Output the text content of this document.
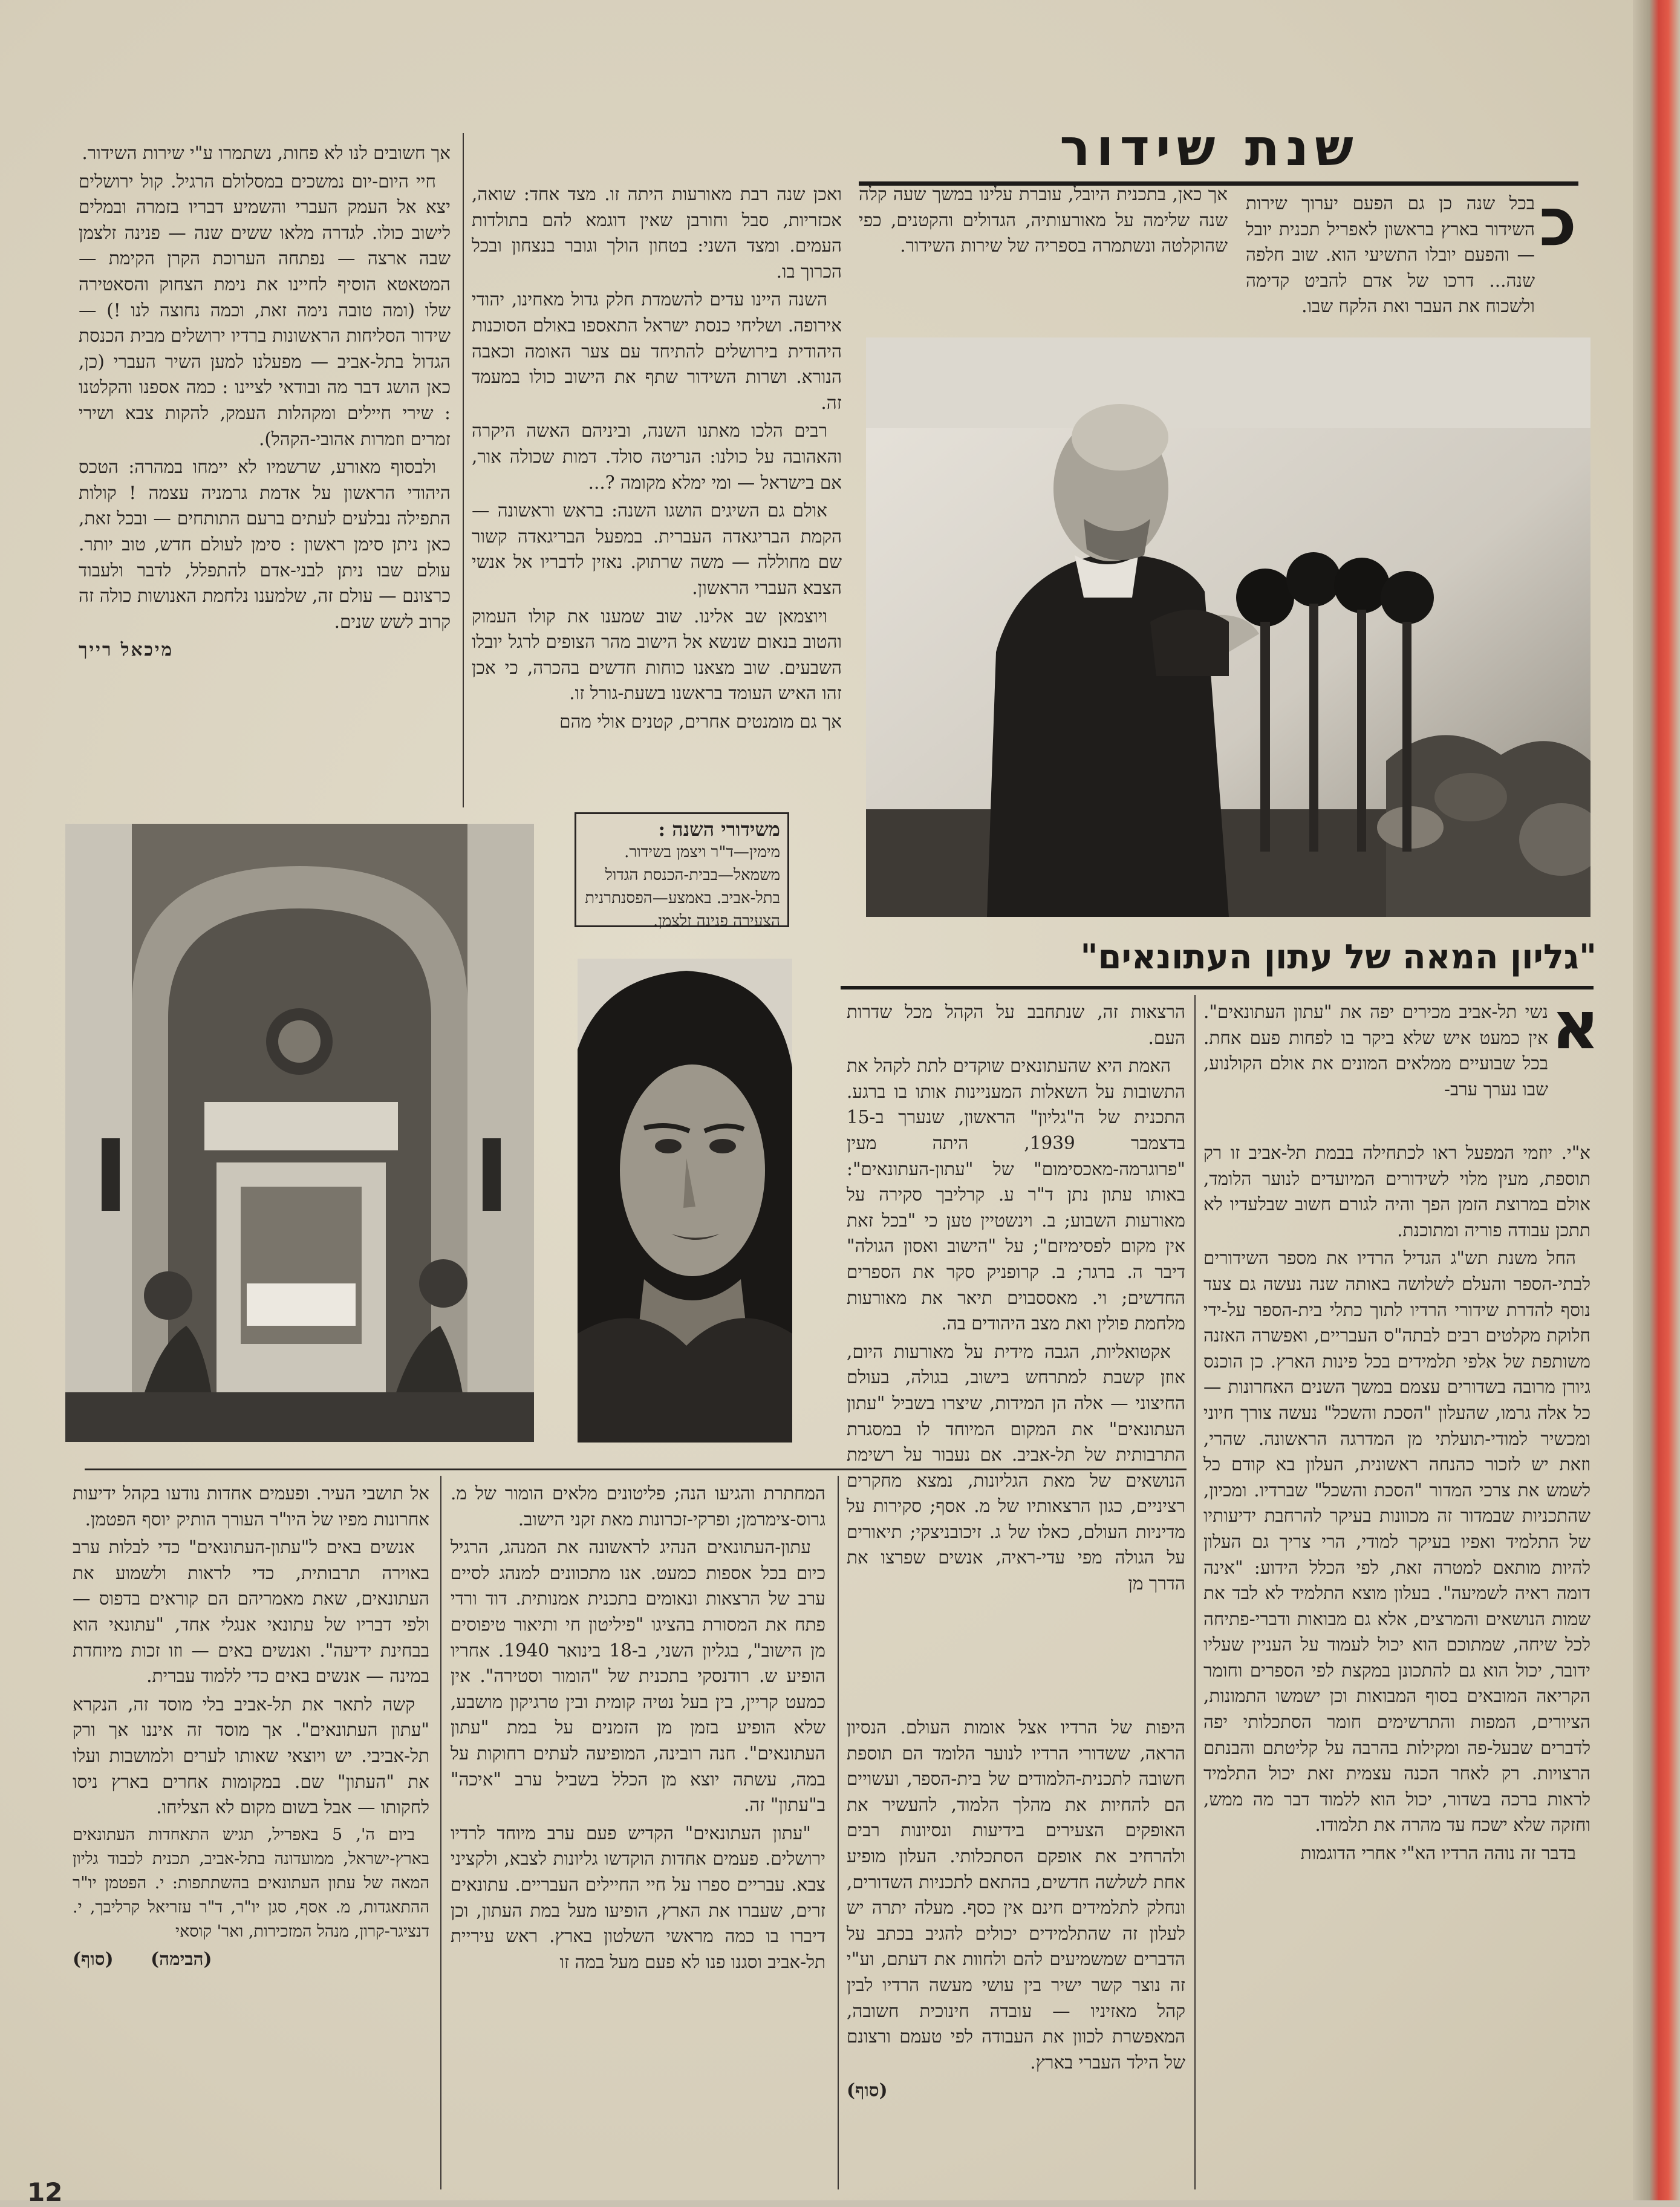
שנת שידור
כ

בכל שנה כן גם הפעם יערוך שירות השידור בארץ בראשון לאפריל תכנית יובל — והפעם יובלו התשיעי הוא. שוב חלפה שנה... דרכו של אדם להביט קדימה ולשכוח את העבר ואת הלקח שבו.

אך כאן, בתכנית היובל, עוברת עלינו במשך שעה קלה שנה שלימה על מאורעותיה, הגדולים והקטנים, כפי שהוקלטה ונשתמרה בספריה של שירות השידור.

ואכן שנה רבת מאורעות היתה זו. מצד אחד: שואה, אכזריות, סבל וחורבן שאין דוגמא להם בתולדות העמים. ומצד השני: בטחון הולך וגובר בנצחון ובכל הכרוך בו.

השנה היינו עדים להשמדת חלק גדול מאחינו, יהודי אירופה. ושליחי כנסת ישראל התאספו באולם הסוכנות היהודית בירושלים להתיחד עם צער האומה וכאבה הנורא. ושרות השידור שתף את הישוב כולו במעמד זה.

רבים הלכו מאתנו השנה, וביניהם האשה היקרה והאהובה על כולנו: הנריטה סולד. דמות שכולה אור, אם בישראל — ומי ימלא מקומה ?...

אולם גם השיגים הושגו השנה: בראש וראשונה — הקמת הבריגאדה העברית. במפעל הבריגאדה קשור שם מחוללה — משה שרתוק. נאזין לדבריו אל אנשי הצבא העברי הראשון.

ויוצמאן שב אלינו. שוב שמענו את קולו העמוק והטוב בנאום שנשא אל הישוב מהר הצופים לרגל יובלו השבעים. שוב מצאנו כוחות חדשים בהכרה, כי אכן זהו האיש העומד בראשנו בשעת-גורל זו.

אך גם מומנטים אחרים, קטנים אולי מהם

אך חשובים לנו לא פחות, נשתמרו ע"י שירות השידור.

חיי היום-יום נמשכים במסלולם הרגיל. קול ירושלים יצא אל העמק העברי והשמיע דבריו בזמרה ובמלים לישוב כולו. לגדרה מלאו ששים שנה — פנינה זלצמן שבה ארצה — נפתחה הערוכת הקרן הקימת — המטאטא הוסיף לחיינו את נימת הצחוק והסאטירה שלו (ומה טובה נימה זאת, וכמה נחוצה לנו !) — שידור הסליחות הראשונות ברדיו ירושלים מבית הכנסת הגדול בתל-אביב — מפעלנו למען השיר העברי (כן, כאן הושג דבר מה ובודאי לציינו : כמה אספנו והקלטנו : שירי חיילים ומקהלות העמק, להקות צבא ושירי זמרים וזמרות אהובי-הקהל).

ולבסוף מאורע, שרשמיו לא יימחו במהרה: הטכס היהודי הראשון על אדמת גרמניה עצמה ! קולות התפילה נבלעים לעתים ברעם התותחים — ובכל זאת, כאן ניתן סימן ראשון : סימן לעולם חדש, טוב יותר. עולם שבו ניתן לבני-אדם להתפלל, לדבר ולעבוד כרצונם — עולם זה, שלמענו נלחמת האנושות כולה זה קרוב לשש שנים.

מיכאל רייך
משידורי השנה :
מימין—ד"ר ויצמן בשידור. משמאל—בבית-הכנסת הגדול בתל-אביב. באמצע—הפסנתרנית הצעירה פנינה זלצמן.
"גליון המאה של עתון העתונאים"
א

נשי תל-אביב מכירים יפה את "עתון העתונאים". אין כמעט איש שלא ביקר בו לפחות פעם אחת. בכל שבועיים ממלאים המונים את אולם הקולנוע, שבו נערך ערב-

א"י. יוזמי המפעל ראו לכתחילה בבמת תל-אביב זו רק תוספת, מעין מלוי לשידורים המיועדים לנוער הלומד, אולם במרוצת הזמן הפך והיה לגורם חשוב שבלעדיו לא תתכן עבודה פוריה ומתוכנת.

החל משנת תש"ג הגדיל הרדיו את מספר השידורים לבתי-הספר והעלם לשלושה באותה שנה נעשה גם צעד נוסף להדרת שידורי הרדיו לתוך כתלי בית-הספר על-ידי חלוקת מקלטים רבים לבתה"ס העבריים, ואפשרה האזנה משותפת של אלפי תלמידים בכל פינות הארץ. כן הוכנס גיורן מרובה בשדורים עצמם במשך השנים האחרונות — כל אלה גרמו, שהעלון "הסכת והשכל" נעשה צורך חיוני ומכשיר למודי-תועלתי מן המדרגה הראשונה. שהרי, וזאת יש לזכור כהנחה ראשונית, העלון בא קודם כל לשמש את צרכי המדור "הסכת והשכל" שברדיו. ומכיון, שהתכניות שבמדור זה מכוונות בעיקר להרחבת ידיעותיו של התלמיד ואפיו בעיקר למודי, הרי צריך גם העלון להיות מותאם למטרה זאת, לפי הכלל הידוע: "אינה דומה ראיה לשמיעה". בעלון מוצא התלמיד לא לבד את שמות הנושאים והמרצים, אלא גם מבואות ודברי-פתיחה לכל שיחה, שמתוכם הוא יכול לעמוד על העניין שעליו ידובר, יכול הוא גם להתכונן במקצת לפי הספרים וחומר הקריאה המובאים בסוף המבואות וכן ישמשו התמונות, הציורים, המפות והתרשימים חומר הסתכלותי יפה לדברים שבעל-פה ומקילות בהרבה על קליטתם והבנתם הרצויות. רק לאחר הכנה עצמית זאת יכול התלמיד לראות ברכה בשדור, יכול הוא ללמוד דבר מה ממש, וחזקה שלא ישכח עד מהרה את תלמודו.

בדבר זה נוהה הרדיו הא"י אחרי הדוגמות

הרצאות זה, שנתחבב על הקהל מכל שדרות העם.

האמת היא שהעתונאים שוקדים לתת לקהל את התשובות על השאלות המעניינות אותו בו ברגע. התכנית של ה"גליון" הראשון, שנערך ב-15 בדצמבר 1939, היתה מעין "פרוגרמה-מאכסימום" של "עתון-העתונאים": באותו עתון נתן ד"ר ע. קרליבך סקירה על מאורעות השבוע; ב. וינשטיין טען כי "בכל זאת אין מקום לפסימיזם"; על "הישוב ואסון הגולה" דיבר ה. ברגר; ב. קרופניק סקר את הספרים החדשים; וי. מאססבוים תיאר את מאורעות מלחמת פולין ואת מצב היהודים בה.

אקטואליות, הגבה מידית על מאורעות היום, אוזן קשבת למתרחש בישוב, בגולה, בעולם החיצוני — אלה הן המידות, שיצרו בשביל "עתון העתונאים" את המקום המיוחד לו במסגרת התרבותית של תל-אביב. אם נעבור על רשימת הנושאים של מאת הגליונות, נמצא מחקרים רציניים, כגון הרצאותיו של מ. אסף; סקירות על מדיניות העולם, כאלו של ג. זיכובניצקי; תיאורים על הגולה מפי עדי-ראיה, אנשים שפרצו את הדרך מן

היפות של הרדיו אצל אומות העולם. הנסיון הראה, ששדורי הרדיו לנוער הלומד הם תוספת חשובה לתכנית-הלמודים של בית-הספר, ועשויים הם להחיות את מהלך הלמוד, להעשיר את האופקים הצעירים בידיעות ונסיונות רבים ולהרחיב את אופקם הסתכלותי. העלון מופיע אחת לשלשה חדשים, בהתאם לתכניות השדורים, ונחלק לתלמידים חינם אין כסף. מעלה יתרה יש לעלון זה שהתלמידים יכולים להגיב בכתב על הדברים שמשמיעים להם ולחוות את דעתם, וע"י זה נוצר קשר ישיר בין עושי מעשה הרדיו לבין קהל מאזיניו — עובדה חינוכית חשובה, המאפשרת לכוון את העבודה לפי טעמם ורצונם של הילד העברי בארץ.

(סוף)

המחתרת והגיעו הנה; פליטונים מלאים הומור של מ. גרוס-צימרמן; ופרקי-זכרונות מאת זקני הישוב.

עתון-העתונאים הנהיג לראשונה את המנהג, הרגיל כיום בכל אספות כמעט. אנו מתכוונים למנהג לסיים ערב של הרצאות ונאומים בתכנית אמנותית. דוד ורדי פתח את המסורת בהציגו "פיליטון חי ותיאור טיפוסים מן הישוב", בגליון השני, ב-18 בינואר 1940. אחריו הופיע ש. רודנסקי בתכנית של "הומור וסטירה". אין כמעט קריין, בין בעל נטיה קומית ובין טרגיקון מושבע, שלא הופיע בזמן מן הזמנים על במת "עתון העתונאים". חנה רובינה, המופיעה לעתים רחוקות על במה, עשתה יוצא מן הכלל בשביל ערב "איכה" ב"עתון" זה.

"עתון העתונאים" הקדיש פעם ערב מיוחד לרדיו ירושלים. פעמים אחדות הוקדשו גליונות לצבא, ולקציני צבא. עבריים ספרו על חיי החיילים העבריים. עתונאים זרים, שעברו את הארץ, הופיעו מעל במת העתון, וכן דיברו בו כמה מראשי השלטון בארץ. ראש עיריית תל-אביב וסגנו פנו לא פעם מעל במה זו

אל תושבי העיר. ופעמים אחדות נודעו בקהל ידיעות אחרונות מפיו של היו"ר העורך הותיק יוסף הפטמן.

אנשים באים ל"עתון-העתונאים" כדי לבלות ערב באוירה תרבותית, כדי לראות ולשמוע את העתונאים, שאת מאמריהם הם קוראים בדפוס — ולפי דבריו של עתונאי אנגלי אחד, "עתונאי הוא בבחינת ידיעה". ואנשים באים — וזו זכות מיוחדת במינה — אנשים באים כדי ללמוד עברית.

קשה לתאר את תל-אביב בלי מוסד זה, הנקרא "עתון העתונאים". אך מוסד זה איננו אך ורק תל-אביבי. יש ויוצאי שאותו לערים ולמושבות ועלו את "העתון" שם. במקומות אחרים בארץ ניסו לחקותו — אבל בשום מקום לא הצליחו.

ביום ה', 5 באפריל, תגיש התאחדות העתונאים בארץ-ישראל, ממועדונה בתל-אביב, תכנית לכבוד גליון המאה של עתון העתונאים בהשתתפות: י. הפטמן יו"ר ההתאגדות, מ. אסף, סגן יו"ר, ד"ר עזריאל קרליבך, י. דנציגר-קרון, מנהל המזכירות, ואר' קוסאי

(הבימה)      (סוף)
12
